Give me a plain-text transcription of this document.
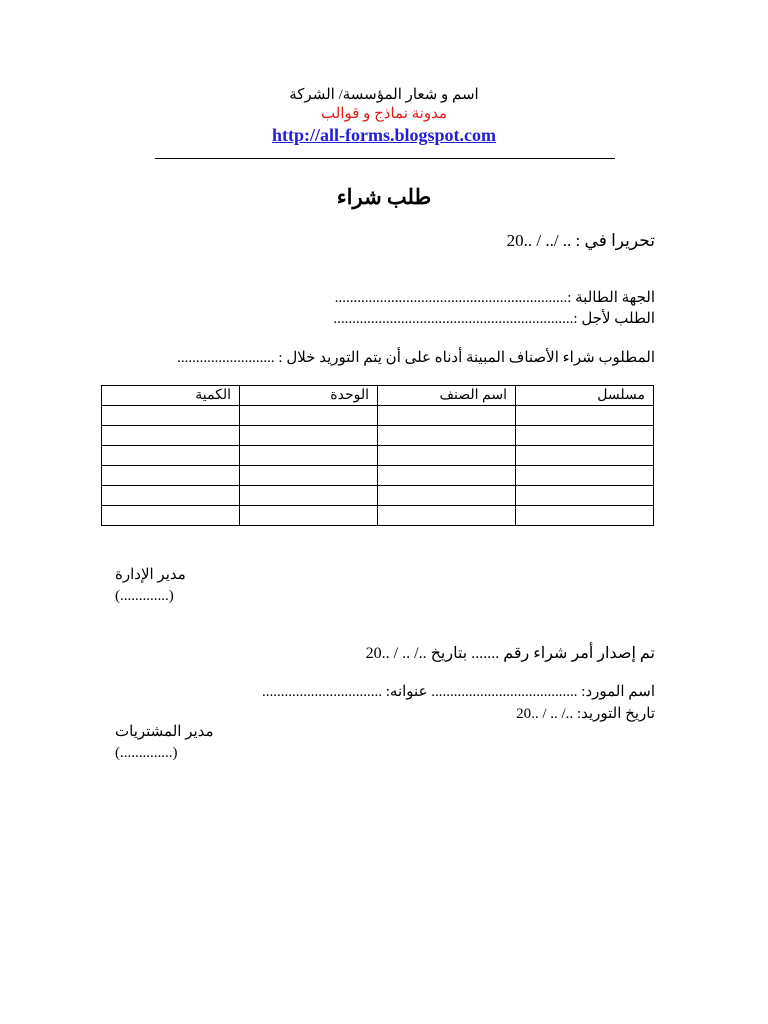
اسم و شعار المؤسسة/ الشركة
مدونة نماذج و قوالب
http://all-forms.blogspot.com
طلب شراء
تحريرا في : .. /.. / ..20
الجهة الطالبة :..............................................................
الطلب لأجل :................................................................
المطلوب شراء الأصناف المبينة أدناه على أن يتم التوريد خلال : ..........................
مسلسل	اسم الصنف	الوحدة	الكمية

مدير الإدارة
(.............)
تم إصدار أمر شراء رقم ....... بتاريخ ../ .. / ..20
اسم المورد: ....................................... عنوانه: ................................
تاريخ التوريد: ../ .. / ..20
مدير المشتريات
(..............)
